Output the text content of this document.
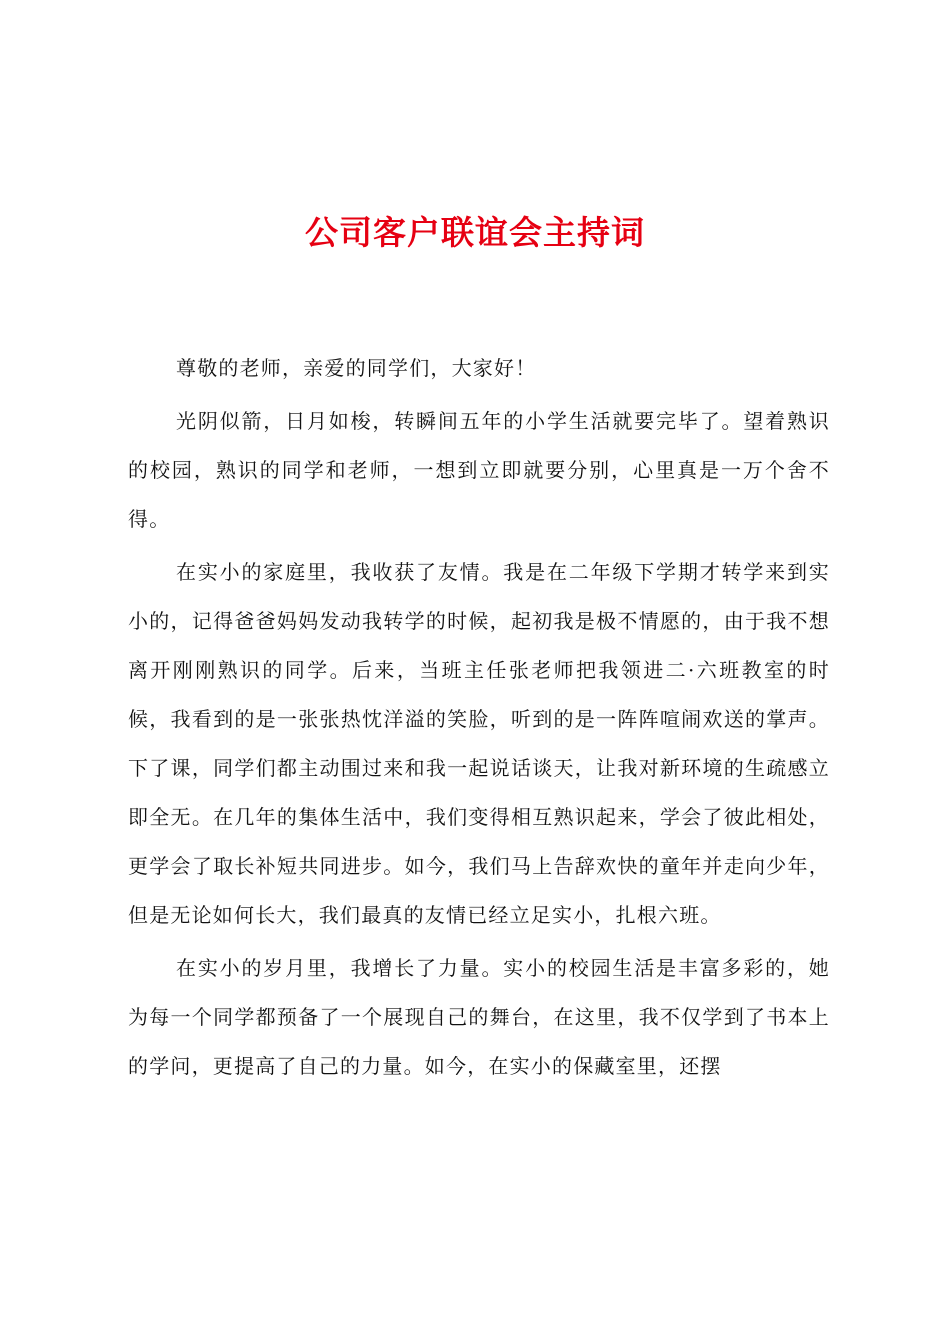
公司客户联谊会主持词

尊敬的老师，亲爱的同学们，大家好！

光阴似箭，日月如梭，转瞬间五年的小学生活就要完毕了。望着熟识的校园，熟识的同学和老师，一想到立即就要分别，心里真是一万个舍不得。

在实小的家庭里，我收获了友情。我是在二年级下学期才转学来到实小的，记得爸爸妈妈发动我转学的时候，起初我是极不情愿的，由于我不想离开刚刚熟识的同学。后来，当班主任张老师把我领进二·六班教室的时候，我看到的是一张张热忱洋溢的笑脸，听到的是一阵阵喧闹欢送的掌声。下了课，同学们都主动围过来和我一起说话谈天，让我对新环境的生疏感立即全无。在几年的集体生活中，我们变得相互熟识起来，学会了彼此相处，更学会了取长补短共同进步。如今，我们马上告辞欢快的童年并走向少年，但是无论如何长大，我们最真的友情已经立足实小，扎根六班。

在实小的岁月里，我增长了力量。实小的校园生活是丰富多彩的，她为每一个同学都预备了一个展现自己的舞台，在这里，我不仅学到了书本上的学问，更提高了自己的力量。如今，在实小的保藏室里，还摆
